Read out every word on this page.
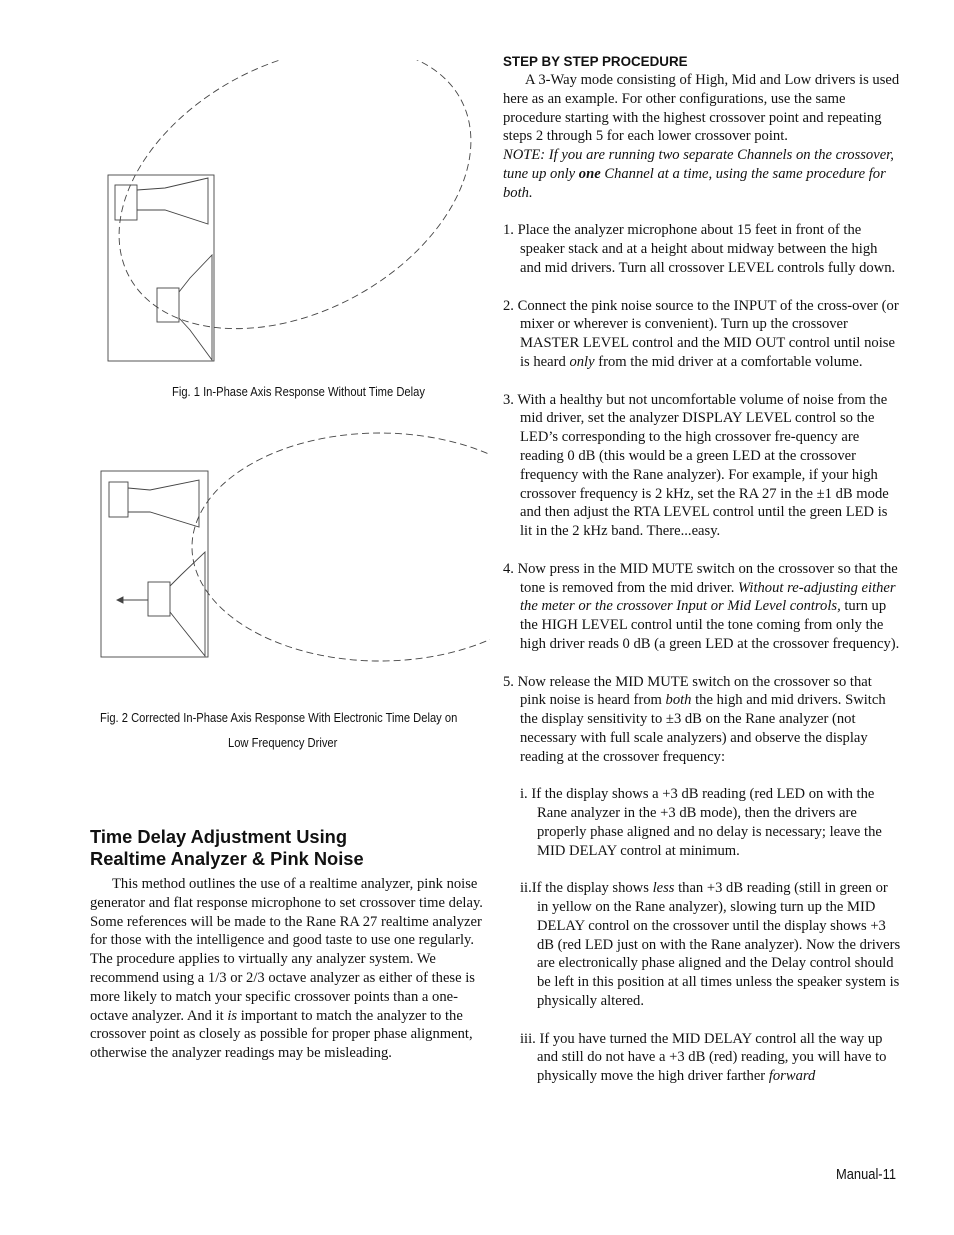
Fig. 1 In-Phase Axis Response Without Time Delay
Fig. 2 Corrected In-Phase Axis Response With Electronic Time Delay on
Low Frequency Driver
Time Delay Adjustment Using
Realtime Analyzer & Pink Noise

This method outlines the use of a realtime analyzer, pink noise generator and flat response microphone to set crossover time delay. Some references will be made to the Rane RA 27 realtime analyzer for those with the intelligence and good taste to use one regularly. The procedure applies to virtually any analyzer system. We recommend using a 1/3 or 2/3 octave analyzer as either of these is more likely to match your specific crossover points than a one-octave analyzer. And it is important to match the analyzer to the crossover point as closely as possible for proper phase alignment, otherwise the analyzer readings may be misleading.

STEP BY STEP PROCEDURE

A 3-Way mode consisting of High, Mid and Low drivers is used here as an example. For other configurations, use the same procedure starting with the highest crossover point and repeating steps 2 through 5 for each lower crossover point.
NOTE: If you are running two separate Channels on the crossover, tune up only one Channel at a time, using the same procedure for both.

1. Place the analyzer microphone about 15 feet in front of the speaker stack and at a height about midway between the high and mid drivers. Turn all crossover LEVEL controls fully down.

2. Connect the pink noise source to the INPUT of the cross-over (or mixer or wherever is convenient). Turn up the crossover MASTER LEVEL control and the MID OUT control until noise is heard only from the mid driver at a comfortable volume.

3. With a healthy but not uncomfortable volume of noise from the mid driver, set the analyzer DISPLAY LEVEL control so the LED’s corresponding to the high crossover fre-quency are reading 0 dB (this would be a green LED at the crossover frequency with the Rane analyzer). For example, if your high crossover frequency is 2 kHz, set the RA 27 in the ±1 dB mode and then adjust the RTA LEVEL control until the green LED is lit in the 2 kHz band. There...easy.

4. Now press in the MID MUTE switch on the crossover so that the tone is removed from the mid driver. Without re-adjusting either the meter or the crossover Input or Mid Level controls, turn up the HIGH LEVEL control until the tone coming from only the high driver reads 0 dB (a green LED at the crossover frequency).

5. Now release the MID MUTE switch on the crossover so that pink noise is heard from both the high and mid drivers. Switch the display sensitivity to ±3 dB on the Rane analyzer (not necessary with full scale analyzers) and observe the display reading at the crossover frequency:

i. If the display shows a +3 dB reading (red LED on with the Rane analyzer in the +3 dB mode), then the drivers are properly phase aligned and no delay is necessary; leave the MID DELAY control at minimum.

ii.If the display shows less than +3 dB reading (still in green or in yellow on the Rane analyzer), slowing turn up the MID DELAY control on the crossover until the display shows +3 dB (red LED just on with the Rane analyzer). Now the drivers are electronically phase aligned and the Delay control should be left in this position at all times unless the speaker system is physically altered.

iii. If you have turned the MID DELAY control all the way up and still do not have a +3 dB (red) reading, you will have to physically move the high driver farther forward

Manual-11
